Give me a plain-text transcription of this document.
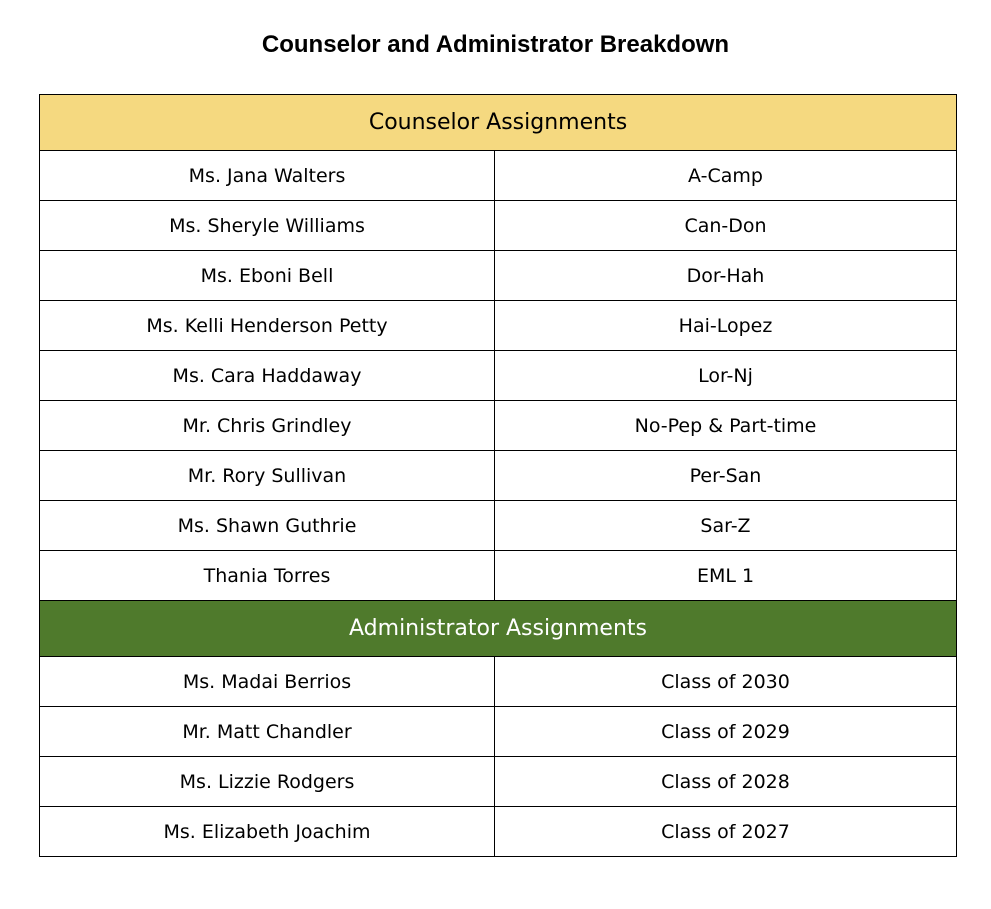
Counselor and Administrator Breakdown
Counselor Assignments	
Ms. Jana Walters	A-Camp
Ms. Sheryle Williams	Can-Don
Ms. Eboni Bell	Dor-Hah
Ms. Kelli Henderson Petty	Hai-Lopez
Ms. Cara Haddaway	Lor-Nj
Mr. Chris Grindley	No-Pep & Part-time
Mr. Rory Sullivan	Per-San
Ms. Shawn Guthrie	Sar-Z
Thania Torres	EML 1
Administrator Assignments	
Ms. Madai Berrios	Class of 2030
Mr. Matt Chandler	Class of 2029
Ms. Lizzie Rodgers	Class of 2028
Ms. Elizabeth Joachim	Class of 2027
